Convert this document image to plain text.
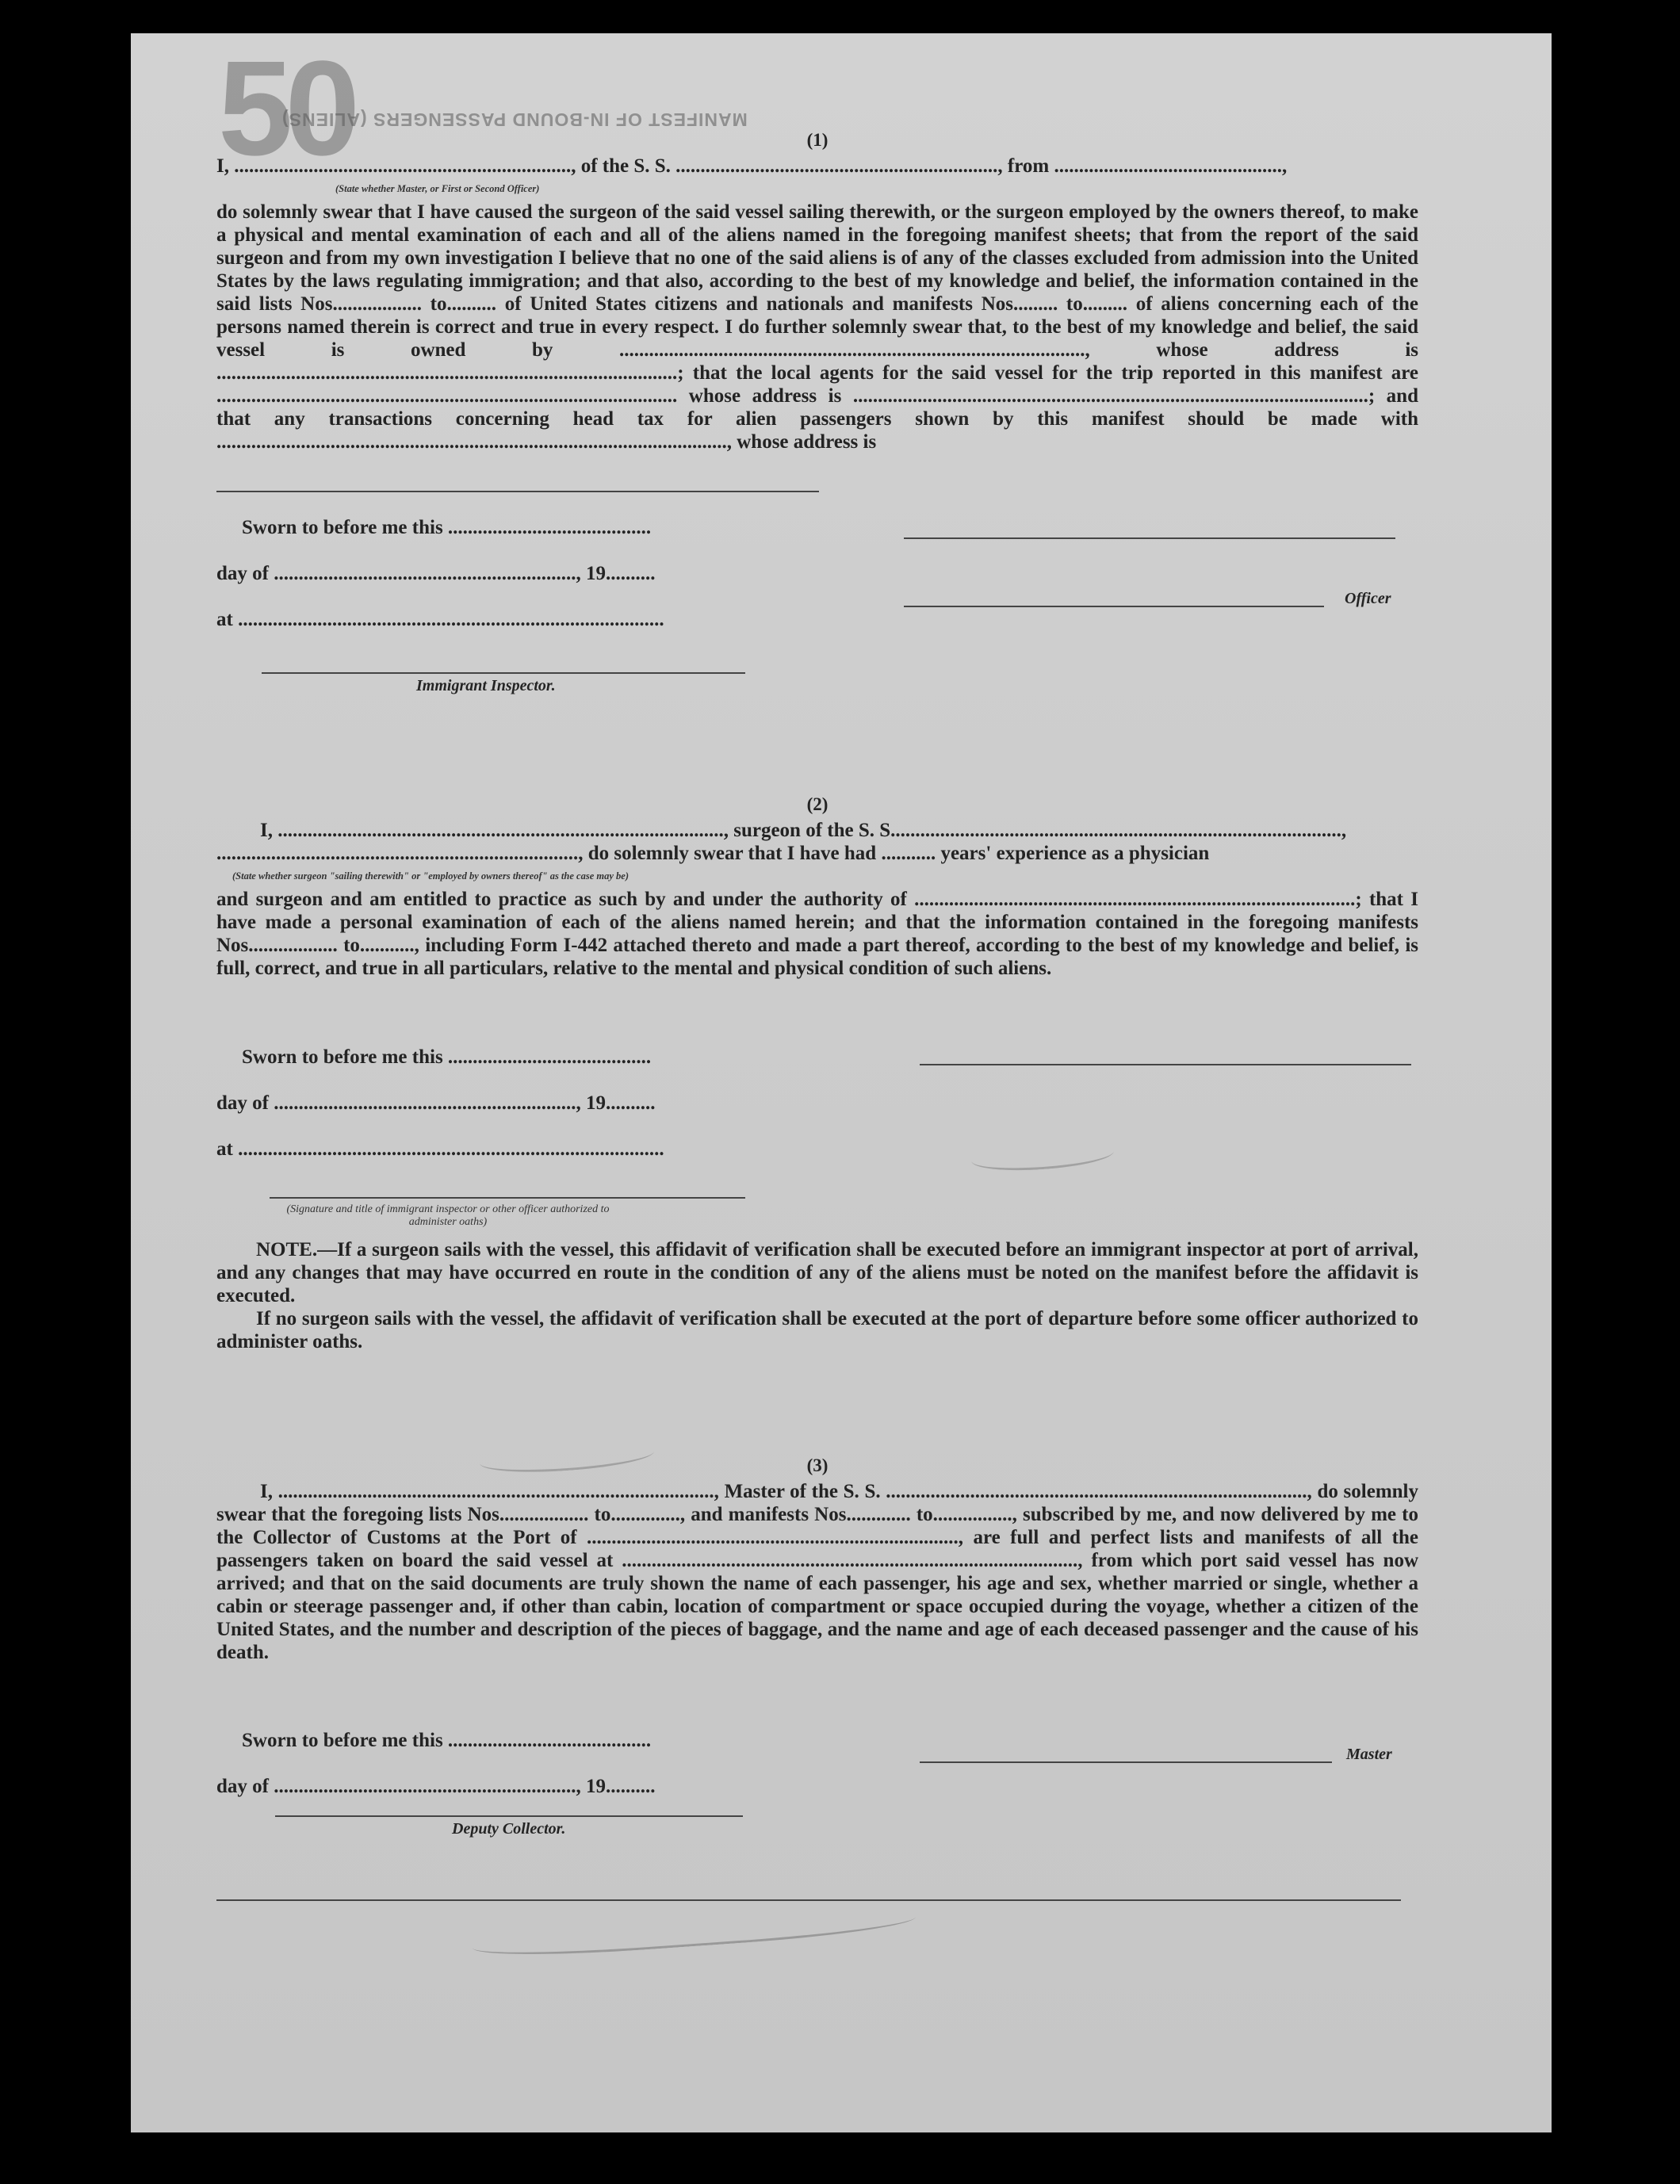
50
MANIFEST OF IN-BOUND PASSENGERS (ALIENS)
(1)

I, ...................................................................., of the S. S. ................................................................., from ..............................................,

(State whether Master, or First or Second Officer)

do solemnly swear that I have caused the surgeon of the said vessel sailing therewith, or the surgeon employed by the owners thereof, to make a physical and mental examination of each and all of the aliens named in the foregoing manifest sheets; that from the report of the said surgeon and from my own investigation I believe that no one of the said aliens is of any of the classes excluded from admission into the United States by the laws regulating immigration; and that also, according to the best of my knowledge and belief, the information contained in the said lists Nos.................. to.......... of United States citizens and nationals and manifests Nos......... to......... of aliens concerning each of the persons named therein is correct and true in every respect. I do further solemnly swear that, to the best of my knowledge and belief, the said vessel is owned by .............................................................................................., whose address is .............................................................................................; that the local agents for the said vessel for the trip reported in this manifest are ............................................................................................. whose address is ........................................................................................................; and that any transactions concerning head tax for alien passengers shown by this manifest should be made with ......................................................................................................., whose address is

Sworn to before me this .........................................
day of ............................................................., 19..........
at ......................................................................................
Immigrant Inspector.
Officer
(2)

I, .........................................................................................., surgeon of the S. S...........................................................................................,

........................................................................., do solemnly swear that I have had ........... years' experience as a physician

(State whether surgeon "sailing therewith" or "employed by owners thereof" as the case may be)

and surgeon and am entitled to practice as such by and under the authority of .........................................................................................; that I have made a personal examination of each of the aliens named herein; and that the information contained in the foregoing manifests Nos.................. to..........., including Form I-442 attached thereto and made a part thereof, according to the best of my knowledge and belief, is full, correct, and true in all particulars, relative to the mental and physical condition of such aliens.

Sworn to before me this .........................................
day of ............................................................., 19..........
at ......................................................................................
(Signature and title of immigrant inspector or other officer authorized to administer oaths)

NOTE.—If a surgeon sails with the vessel, this affidavit of verification shall be executed before an immigrant inspector at port of arrival, and any changes that may have occurred en route in the condition of any of the aliens must be noted on the manifest before the affidavit is executed.

If no surgeon sails with the vessel, the affidavit of verification shall be executed at the port of departure before some officer authorized to administer oaths.

(3)

I, ........................................................................................, Master of the S. S. ....................................................................................., do solemnly swear that the foregoing lists Nos.................. to.............., and manifests Nos............. to................, subscribed by me, and now delivered by me to the Collector of Customs at the Port of ..........................................................................., are full and perfect lists and manifests of all the passengers taken on board the said vessel at ............................................................................................, from which port said vessel has now arrived; and that on the said documents are truly shown the name of each passenger, his age and sex, whether married or single, whether a cabin or steerage passenger and, if other than cabin, location of compartment or space occupied during the voyage, whether a citizen of the United States, and the number and description of the pieces of baggage, and the name and age of each deceased passenger and the cause of his death.

Sworn to before me this .........................................
day of ............................................................., 19..........
Deputy Collector.
Master
